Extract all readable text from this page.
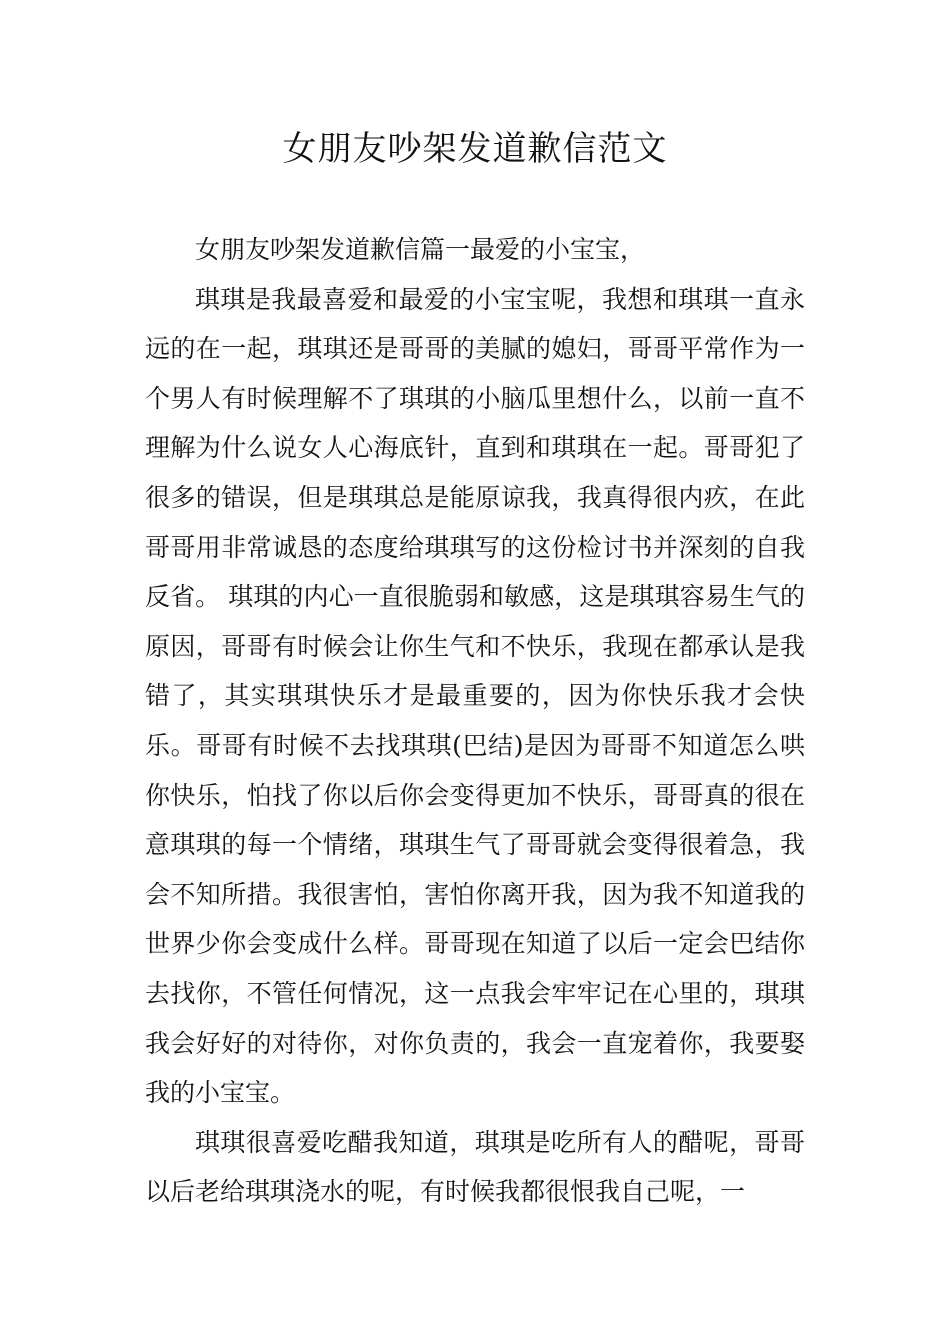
女朋友吵架发道歉信范文

女朋友吵架发道歉信篇一最爱的小宝宝，

琪琪是我最喜爱和最爱的小宝宝呢，我想和琪琪一直永远的在一起，琪琪还是哥哥的美腻的媳妇，哥哥平常作为一个男人有时候理解不了琪琪的小脑瓜里想什么，以前一直不理解为什么说女人心海底针，直到和琪琪在一起。哥哥犯了很多的错误，但是琪琪总是能原谅我，我真得很内疚，在此哥哥用非常诚恳的态度给琪琪写的这份检讨书并深刻的自我反省。 琪琪的内心一直很脆弱和敏感，这是琪琪容易生气的原因，哥哥有时候会让你生气和不快乐，我现在都承认是我错了，其实琪琪快乐才是最重要的，因为你快乐我才会快乐。哥哥有时候不去找琪琪(巴结)是因为哥哥不知道怎么哄你快乐，怕找了你以后你会变得更加不快乐，哥哥真的很在意琪琪的每一个情绪，琪琪生气了哥哥就会变得很着急，我会不知所措。我很害怕，害怕你离开我，因为我不知道我的世界少你会变成什么样。哥哥现在知道了以后一定会巴结你去找你，不管任何情况，这一点我会牢牢记在心里的，琪琪我会好好的对待你，对你负责的，我会一直宠着你，我要娶我的小宝宝。

琪琪很喜爱吃醋我知道，琪琪是吃所有人的醋呢，哥哥以后老给琪琪浇水的呢，有时候我都很恨我自己呢，一
